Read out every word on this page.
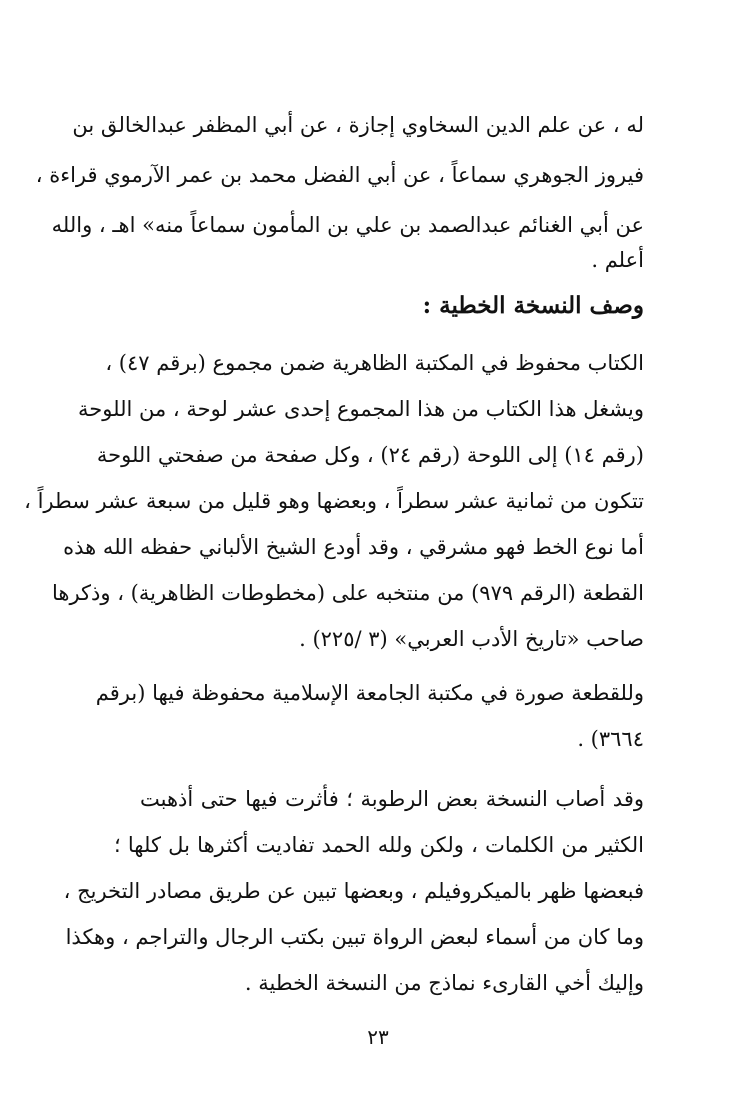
له ، عن علم الدين السخاوي إجازة ، عن أبي المظفر عبدالخالق بن
فيروز الجوهري سماعاً ، عن أبي الفضل محمد بن عمر الآرموي قراءة ،
عن أبي الغنائم عبدالصمد بن علي بن المأمون سماعاً منه» اهـ ، والله
أعلم .
وصف النسخة الخطية :
الكتاب محفوظ في المكتبة الظاهرية ضمن مجموع (برقم ٤٧) ،
ويشغل هذا الكتاب من هذا المجموع إحدى عشر لوحة ، من اللوحة
(رقم ١٤) إلى اللوحة (رقم ٢٤) ، وكل صفحة من صفحتي اللوحة
تتكون من ثمانية عشر سطراً ، وبعضها وهو قليل من سبعة عشر سطراً ،
أما نوع الخط فهو مشرقي ، وقد أودع الشيخ الألباني حفظه الله هذه
القطعة (الرقم ٩٧٩) من منتخبه على (مخطوطات الظاهرية) ، وذكرها
صاحب «تاريخ الأدب العربي» (٣ /٢٢٥) .
وللقطعة صورة في مكتبة الجامعة الإسلامية محفوظة فيها (برقم
٣٦٦٤) .
وقد أصاب النسخة بعض الرطوبة ؛ فأثرت فيها حتى أذهبت
الكثير من الكلمات ، ولكن ولله الحمد تفاديت أكثرها بل كلها ؛
فبعضها ظهر بالميكروفيلم ، وبعضها تبين عن طريق مصادر التخريج ،
وما كان من أسماء لبعض الرواة تبين بكتب الرجال والتراجم ، وهكذا
وإليك أخي القارىء نماذج من النسخة الخطية .
٢٣
